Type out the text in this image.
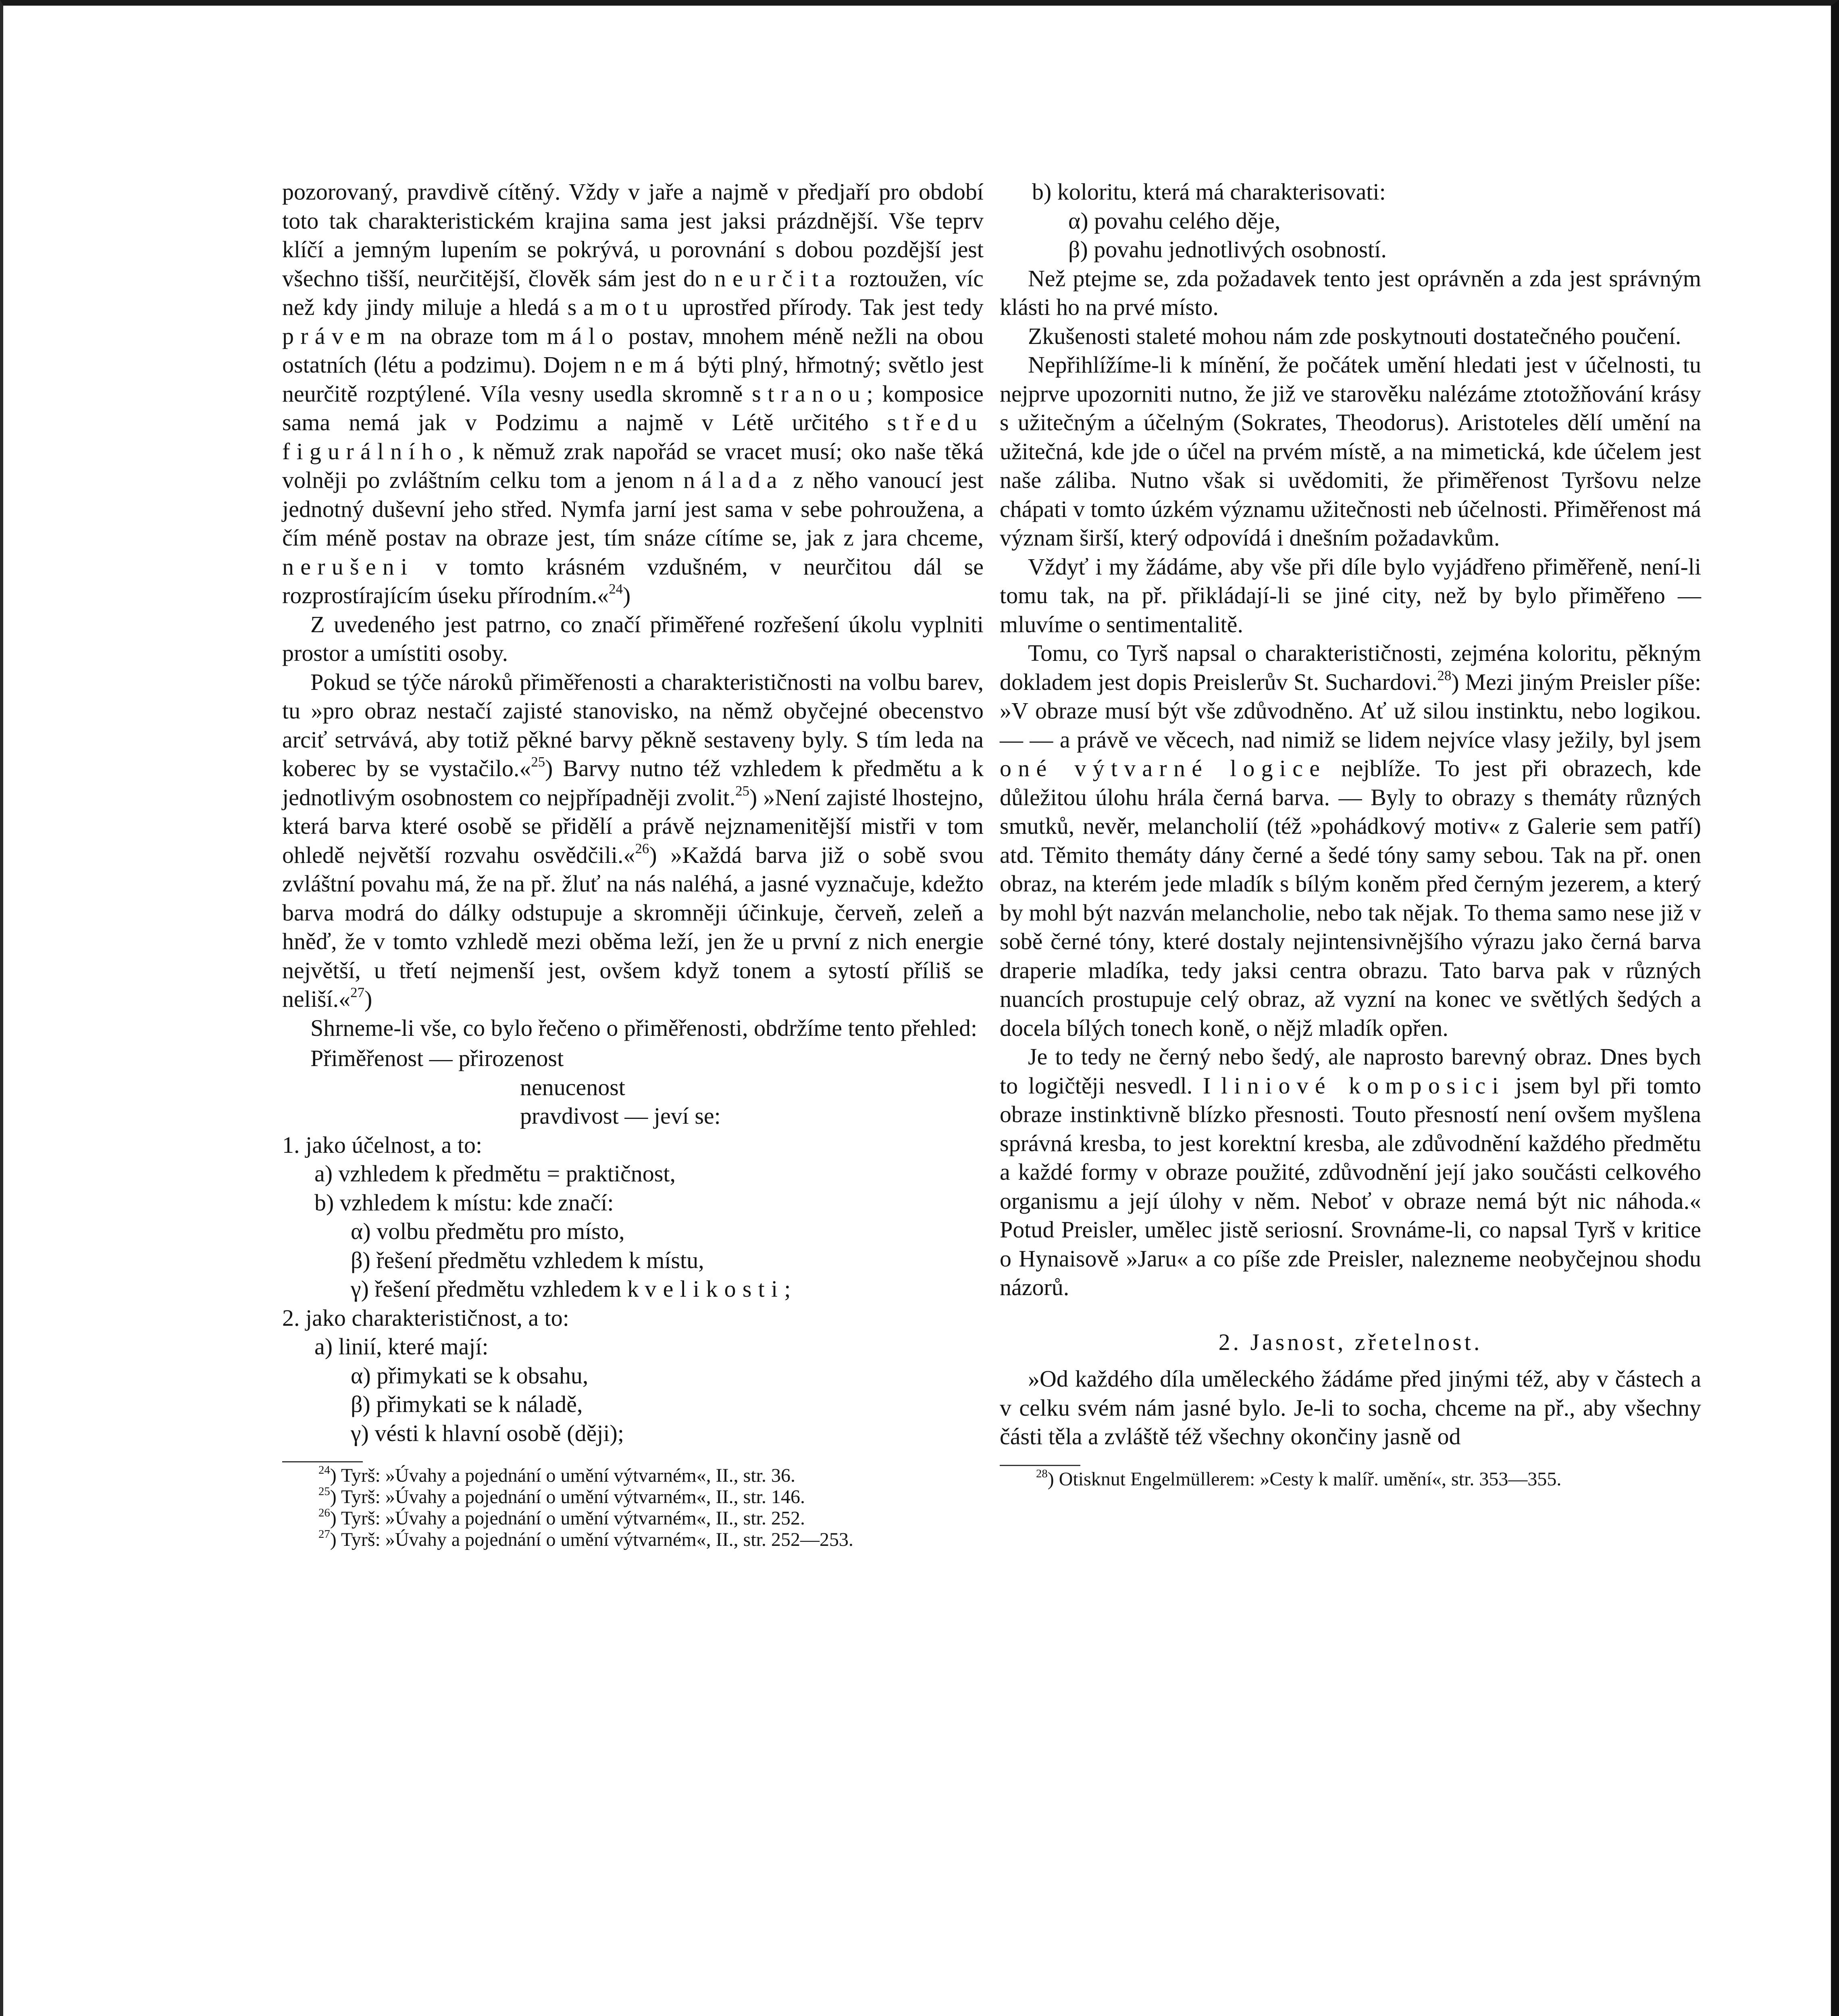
pozorovaný, pravdivě cítěný. Vždy v jaře a najmě v předjaří pro období toto tak charakteristickém krajina sama jest jaksi prázdnější. Vše teprv klíčí a jemným lupením se pokrývá, u porovnání s dobou pozdější jest všechno tišší, neurčitější, člověk sám jest do neurčita roztoužen, víc než kdy jindy miluje a hledá samotu uprostřed přírody. Tak jest tedy právem na obraze tom málo postav, mnohem méně nežli na obou ostatních (létu a podzimu). Dojem nemá býti plný, hřmotný; světlo jest neurčitě rozptýlené. Víla vesny usedla skromně stranou; komposice sama nemá jak v Podzimu a najmě v Létě určitého středu figurálního, k němuž zrak napořád se vracet musí; oko naše těká volněji po zvláštním celku tom a jenom nálada z něho vanoucí jest jednotný duševní jeho střed. Nymfa jarní jest sama v sebe pohroužena, a čím méně postav na obraze jest, tím snáze cítíme se, jak z jara chceme, nerušeni v tomto krásném vzdušném, v neurčitou dál se rozprostírajícím úseku přírodním.«$^{24}$)

Z uvedeného jest patrno, co značí přiměřené rozřešení úkolu vyplniti prostor a umístiti osoby.

Pokud se týče nároků přiměřenosti a charakterističnosti na volbu barev, tu »pro obraz nestačí zajisté stanovisko, na němž obyčejné obecenstvo arciť setrvává, aby totiž pěkné barvy pěkně sestaveny byly. S tím leda na koberec by se vystačilo.«$^{25}$) Barvy nutno též vzhledem k předmětu a k jednotlivým osobnostem co nejpřípadněji zvolit.$^{25}$) »Není zajisté lhostejno, která barva které osobě se přidělí a právě nejznamenitější mistři v tom ohledě největší rozvahu osvědčili.«$^{26}$) »Každá barva již o sobě svou zvláštní povahu má, že na př. žluť na nás naléhá, a jasné vyznačuje, kdežto barva modrá do dálky odstupuje a skromněji účinkuje, červeň, zeleň a hněď, že v tomto vzhledě mezi oběma leží, jen že u první z nich energie největší, u třetí nejmenší jest, ovšem když tonem a sytostí příliš se neliší.«$^{27}$)

Shrneme-li vše, co bylo řečeno o přiměřenosti, obdržíme tento přehled:

Přiměřenost — přirozenost
nenucenost
pravdivost — jeví se:
1. jako účelnost, a to:
a) vzhledem k předmětu = praktičnost,
b) vzhledem k místu: kde značí:
α) volbu předmětu pro místo,
β) řešení předmětu vzhledem k místu,
γ) řešení předmětu vzhledem k velikosti;
2. jako charakterističnost, a to:
a) linií, které mají:
α) přimykati se k obsahu,
β) přimykati se k náladě,
γ) vésti k hlavní osobě (ději);

$^{24}$) Tyrš: »Úvahy a pojednání o umění výtvarném«, II., str. 36.

$^{25}$) Tyrš: »Úvahy a pojednání o umění výtvarném«, II., str. 146.

$^{26}$) Tyrš: »Úvahy a pojednání o umění výtvarném«, II., str. 252.

$^{27}$) Tyrš: »Úvahy a pojednání o umění výtvarném«, II., str. 252—253.

b) koloritu, která má charakterisovati:
α) povahu celého děje,
β) povahu jednotlivých osobností.

Než ptejme se, zda požadavek tento jest oprávněn a zda jest správným klásti ho na prvé místo.

Zkušenosti staleté mohou nám zde poskytnouti dostatečného poučení.

Nepřihlížíme-li k mínění, že počátek umění hledati jest v účelnosti, tu nejprve upozorniti nutno, že již ve starověku nalézáme ztotožňování krásy s užitečným a účelným (Sokrates, Theodorus). Aristoteles dělí umění na užitečná, kde jde o účel na prvém místě, a na mimetická, kde účelem jest naše záliba. Nutno však si uvědomiti, že přiměřenost Tyršovu nelze chápati v tomto úzkém významu užitečnosti neb účelnosti. Přiměřenost má význam širší, který odpovídá i dnešním požadavkům.

Vždyť i my žádáme, aby vše při díle bylo vyjádřeno přiměřeně, není-li tomu tak, na př. přikládají-li se jiné city, než by bylo přiměřeno — mluvíme o sentimentalitě.

Tomu, co Tyrš napsal o charakterističnosti, zejména koloritu, pěkným dokladem jest dopis Preislerův St. Suchardovi.$^{28}$) Mezi jiným Preisler píše: »V obraze musí být vše zdůvodněno. Ať už silou instinktu, nebo logikou. — — a právě ve věcech, nad nimiž se lidem nejvíce vlasy ježily, byl jsem oné výtvarné logice nejblíže. To jest při obrazech, kde důležitou úlohu hrála černá barva. — Byly to obrazy s themáty různých smutků, nevěr, melancholií (též »pohádkový motiv« z Galerie sem patří) atd. Těmito themáty dány černé a šedé tóny samy sebou. Tak na př. onen obraz, na kterém jede mladík s bílým koněm před černým jezerem, a který by mohl být nazván melancholie, nebo tak nějak. To thema samo nese již v sobě černé tóny, které dostaly nejintensivnějšího výrazu jako černá barva draperie mladíka, tedy jaksi centra obrazu. Tato barva pak v různých nuancích prostupuje celý obraz, až vyzní na konec ve světlých šedých a docela bílých tonech koně, o nějž mladík opřen.

Je to tedy ne černý nebo šedý, ale naprosto barevný obraz. Dnes bych to logičtěji nesvedl. I liniové komposici jsem byl při tomto obraze instinktivně blízko přesnosti. Touto přesností není ovšem myšlena správná kresba, to jest korektní kresba, ale zdůvodnění každého předmětu a každé formy v obraze použité, zdůvodnění její jako součásti celkového organismu a její úlohy v něm. Neboť v obraze nemá být nic náhoda.« Potud Preisler, umělec jistě seriosní. Srovnáme-li, co napsal Tyrš v kritice o Hynaisově »Jaru« a co píše zde Preisler, nalezneme neobyčejnou shodu názorů.

2. Jasnost, zřetelnost.

»Od každého díla uměleckého žádáme před jinými též, aby v částech a v celku svém nám jasné bylo. Je-li to socha, chceme na př., aby všechny části těla a zvláště též všechny okončiny jasně od

$^{28}$) Otisknut Engelmüllerem: »Cesty k malíř. umění«, str. 353—355.
